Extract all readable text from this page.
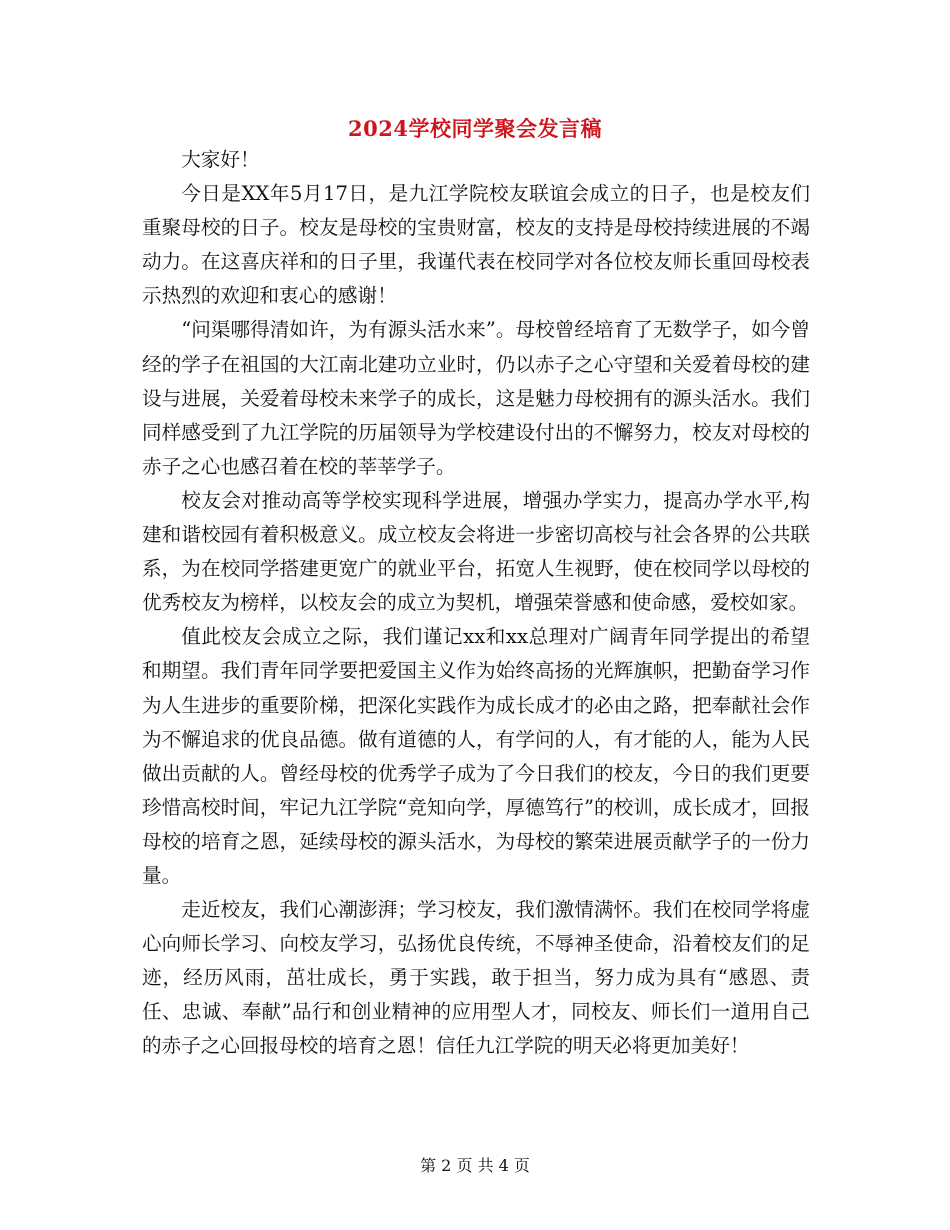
2024学校同学聚会发言稿

大家好！

今日是XX年5月17日，是九江学院校友联谊会成立的日子，也是校友们重聚母校的日子。校友是母校的宝贵财富，校友的支持是母校持续进展的不竭动力。在这喜庆祥和的日子里，我谨代表在校同学对各位校友师长重回母校表示热烈的欢迎和衷心的感谢！

“问渠哪得清如许，为有源头活水来”。母校曾经培育了无数学子，如今曾经的学子在祖国的大江南北建功立业时，仍以赤子之心守望和关爱着母校的建设与进展，关爱着母校未来学子的成长，这是魅力母校拥有的源头活水。我们同样感受到了九江学院的历届领导为学校建设付出的不懈努力，校友对母校的赤子之心也感召着在校的莘莘学子。

校友会对推动高等学校实现科学进展，增强办学实力，提高办学水平,构建和谐校园有着积极意义。成立校友会将进一步密切高校与社会各界的公共联系，为在校同学搭建更宽广的就业平台，拓宽人生视野，使在校同学以母校的优秀校友为榜样，以校友会的成立为契机，增强荣誉感和使命感，爱校如家。

值此校友会成立之际，我们谨记xx和xx总理对广阔青年同学提出的希望和期望。我们青年同学要把爱国主义作为始终高扬的光辉旗帜，把勤奋学习作为人生进步的重要阶梯，把深化实践作为成长成才的必由之路，把奉献社会作为不懈追求的优良品德。做有道德的人，有学问的人，有才能的人，能为人民做出贡献的人。曾经母校的优秀学子成为了今日我们的校友，今日的我们更要珍惜高校时间，牢记九江学院“竞知向学，厚德笃行”的校训，成长成才，回报母校的培育之恩，延续母校的源头活水，为母校的繁荣进展贡献学子的一份力量。

走近校友，我们心潮澎湃；学习校友，我们激情满怀。我们在校同学将虚心向师长学习、向校友学习，弘扬优良传统，不辱神圣使命，沿着校友们的足迹，经历风雨，茁壮成长，勇于实践，敢于担当，努力成为具有“感恩、责任、忠诚、奉献”品行和创业精神的应用型人才，同校友、师长们一道用自己的赤子之心回报母校的培育之恩！信任九江学院的明天必将更加美好！

第 2 页 共 4 页
